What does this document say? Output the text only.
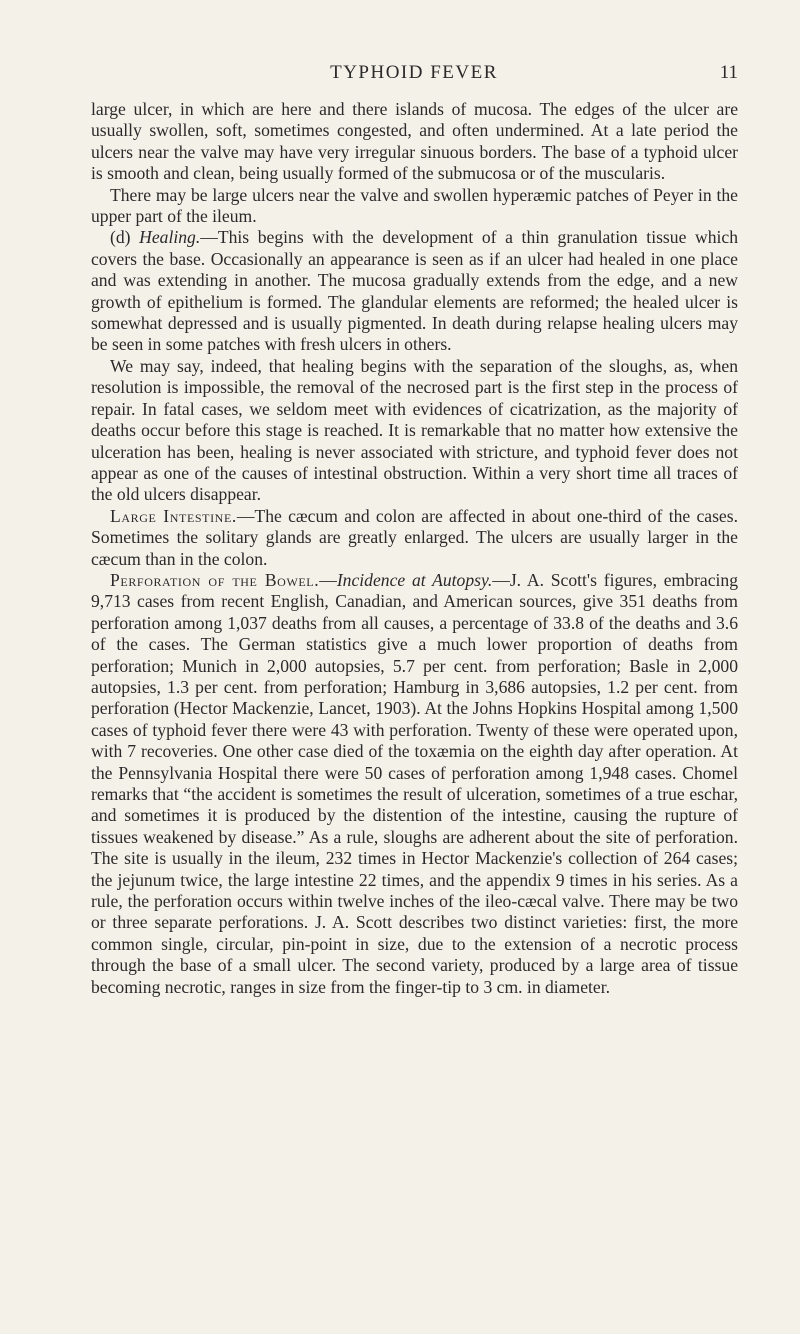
TYPHOID FEVER	11

large ulcer, in which are here and there islands of mucosa. The edges of the ulcer are usually swollen, soft, sometimes congested, and often undermined. At a late period the ulcers near the valve may have very irregular sinuous borders. The base of a typhoid ulcer is smooth and clean, being usually formed of the submucosa or of the muscularis.

There may be large ulcers near the valve and swollen hyperæmic patches of Peyer in the upper part of the ileum.

(d) Healing.—This begins with the development of a thin granulation tissue which covers the base. Occasionally an appearance is seen as if an ulcer had healed in one place and was extending in another. The mucosa gradually extends from the edge, and a new growth of epithelium is formed. The glandular elements are reformed; the healed ulcer is somewhat depressed and is usually pigmented. In death during relapse healing ulcers may be seen in some patches with fresh ulcers in others.

We may say, indeed, that healing begins with the separation of the sloughs, as, when resolution is impossible, the removal of the necrosed part is the first step in the process of repair. In fatal cases, we seldom meet with evidences of cicatrization, as the majority of deaths occur before this stage is reached. It is remarkable that no matter how extensive the ulceration has been, healing is never associated with stricture, and typhoid fever does not appear as one of the causes of intestinal obstruction. Within a very short time all traces of the old ulcers disappear.

Large Intestine.—The cæcum and colon are affected in about one-third of the cases. Sometimes the solitary glands are greatly enlarged. The ulcers are usually larger in the cæcum than in the colon.

Perforation of the Bowel.—Incidence at Autopsy.—J. A. Scott's figures, embracing 9,713 cases from recent English, Canadian, and American sources, give 351 deaths from perforation among 1,037 deaths from all causes, a percentage of 33.8 of the deaths and 3.6 of the cases. The German statistics give a much lower proportion of deaths from perforation; Munich in 2,000 autopsies, 5.7 per cent. from perforation; Basle in 2,000 autopsies, 1.3 per cent. from perforation; Hamburg in 3,686 autopsies, 1.2 per cent. from perforation (Hector Mackenzie, Lancet, 1903). At the Johns Hopkins Hospital among 1,500 cases of typhoid fever there were 43 with perforation. Twenty of these were operated upon, with 7 recoveries. One other case died of the toxæmia on the eighth day after operation. At the Pennsylvania Hospital there were 50 cases of perforation among 1,948 cases. Chomel remarks that “the accident is sometimes the result of ulceration, sometimes of a true eschar, and sometimes it is produced by the distention of the intestine, causing the rupture of tissues weakened by disease.” As a rule, sloughs are adherent about the site of perforation. The site is usually in the ileum, 232 times in Hector Mackenzie's collection of 264 cases; the jejunum twice, the large intestine 22 times, and the appendix 9 times in his series. As a rule, the perforation occurs within twelve inches of the ileo-cæcal valve. There may be two or three separate perforations. J. A. Scott describes two distinct varieties: first, the more common single, circular, pin-point in size, due to the extension of a necrotic process through the base of a small ulcer. The second variety, produced by a large area of tissue becoming necrotic, ranges in size from the finger-tip to 3 cm. in diameter.
